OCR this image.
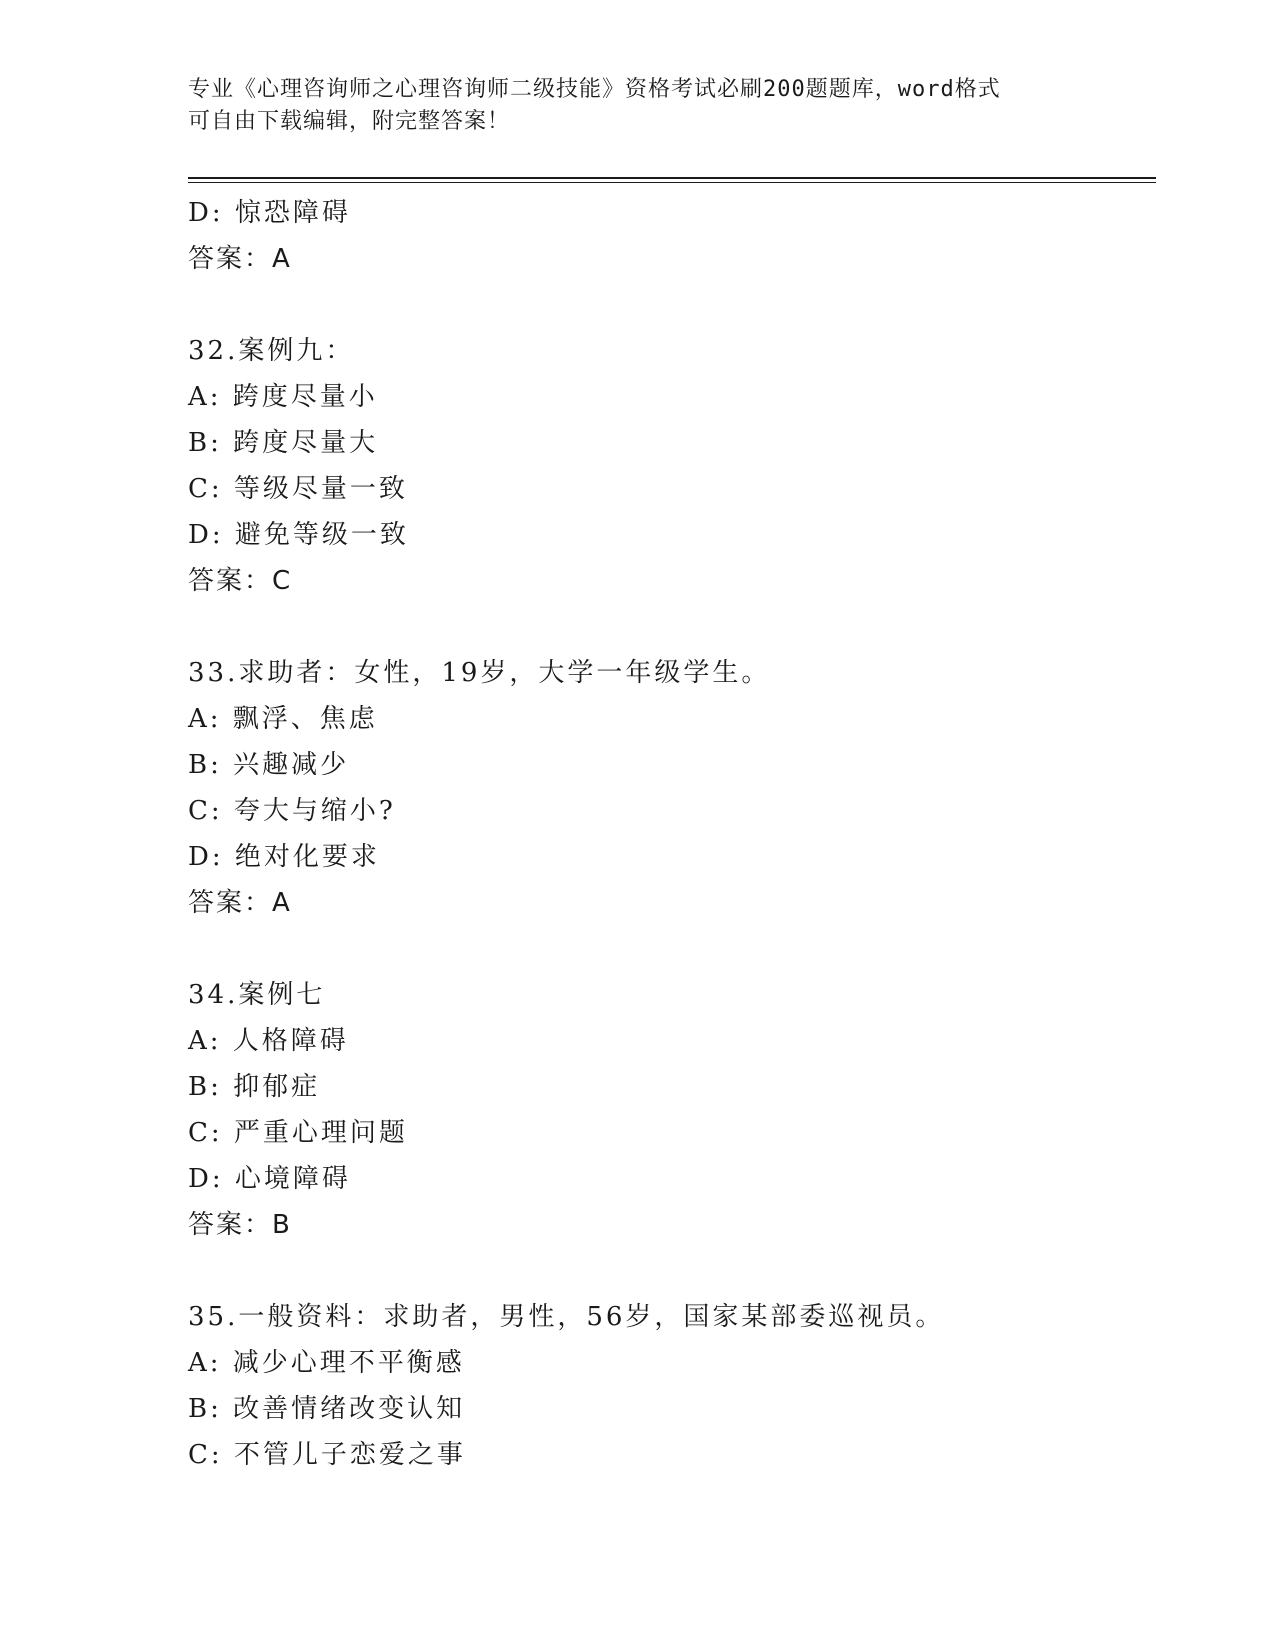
专业《心理咨询师之心理咨询师二级技能》资格考试必刷200题题库，word格式
可自由下载编辑，附完整答案！
D: 惊恐障碍
答案：A
32.案例九：
A: 跨度尽量小
B: 跨度尽量大
C: 等级尽量一致
D: 避免等级一致
答案：C
33.求助者：女性，19岁，大学一年级学生。
A: 飘浮、焦虑
B: 兴趣减少
C: 夸大与缩小?
D: 绝对化要求
答案：A
34.案例七
A: 人格障碍
B: 抑郁症
C: 严重心理问题
D: 心境障碍
答案：B
35.一般资料：求助者，男性，56岁，国家某部委巡视员。
A: 减少心理不平衡感
B: 改善情绪改变认知
C: 不管儿子恋爱之事
